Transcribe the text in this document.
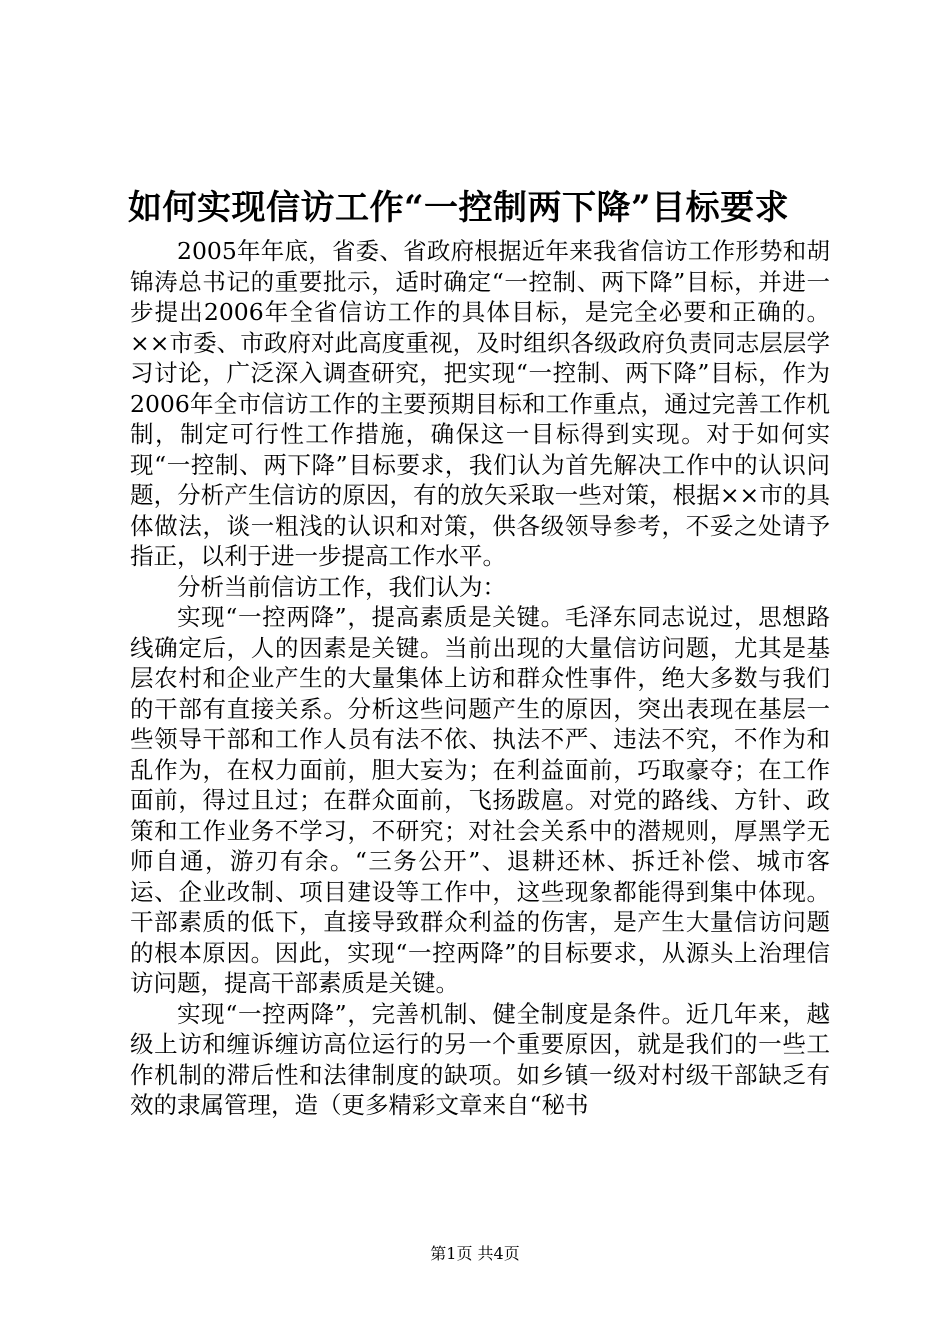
如何实现信访工作“一控制两下降”目标要求

2005年年底，省委、省政府根据近年来我省信访工作形势和胡锦涛总书记的重要批示，适时确定“一控制、两下降”目标，并进一步提出2006年全省信访工作的具体目标，是完全必要和正确的。××市委、市政府对此高度重视，及时组织各级政府负责同志层层学习讨论，广泛深入调查研究，把实现“一控制、两下降”目标，作为2006年全市信访工作的主要预期目标和工作重点，通过完善工作机制，制定可行性工作措施，确保这一目标得到实现。对于如何实现“一控制、两下降”目标要求，我们认为首先解决工作中的认识问题，分析产生信访的原因，有的放矢采取一些对策，根据××市的具体做法，谈一粗浅的认识和对策，供各级领导参考，不妥之处请予指正，以利于进一步提高工作水平。

分析当前信访工作，我们认为：

实现“一控两降”，提高素质是关键。毛泽东同志说过，思想路线确定后，人的因素是关键。当前出现的大量信访问题，尤其是基层农村和企业产生的大量集体上访和群众性事件，绝大多数与我们的干部有直接关系。分析这些问题产生的原因，突出表现在基层一些领导干部和工作人员有法不依、执法不严、违法不究，不作为和乱作为，在权力面前，胆大妄为；在利益面前，巧取豪夺；在工作面前，得过且过；在群众面前，飞扬跋扈。对党的路线、方针、政策和工作业务不学习，不研究；对社会关系中的潜规则，厚黑学无师自通，游刃有余。“三务公开”、退耕还林、拆迁补偿、城市客运、企业改制、项目建设等工作中，这些现象都能得到集中体现。干部素质的低下，直接导致群众利益的伤害，是产生大量信访问题的根本原因。因此，实现“一控两降”的目标要求，从源头上治理信访问题，提高干部素质是关键。

实现“一控两降”，完善机制、健全制度是条件。近几年来，越级上访和缠诉缠访高位运行的另一个重要原因，就是我们的一些工作机制的滞后性和法律制度的缺项。如乡镇一级对村级干部缺乏有效的隶属管理，造（更多精彩文章来自“秘书

第1页 共4页
